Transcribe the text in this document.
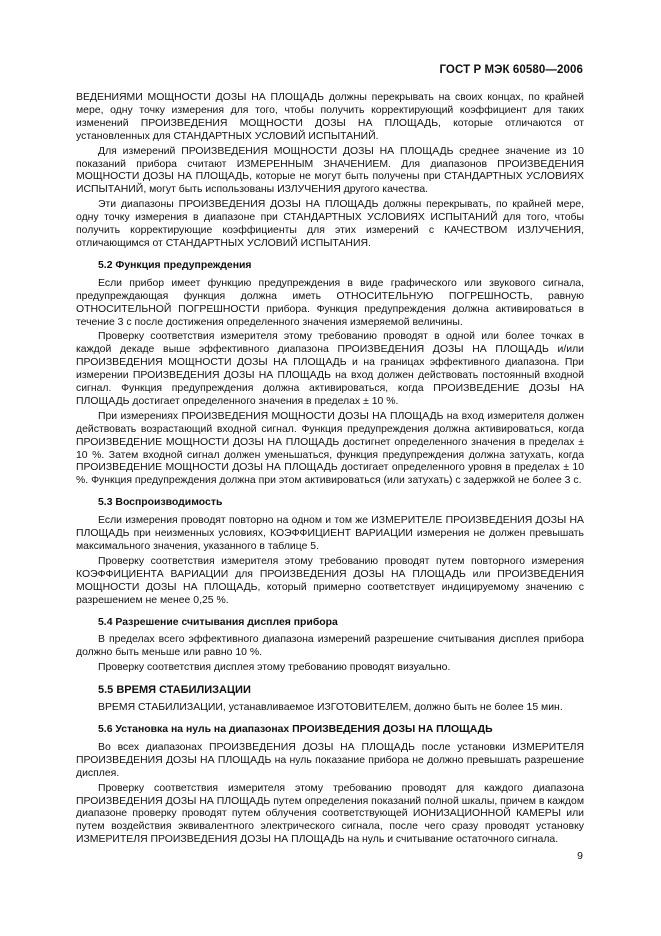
ГОСТ Р МЭК 60580—2006

ВЕДЕНИЯМИ МОЩНОСТИ ДОЗЫ НА ПЛОЩАДЬ должны перекрывать на своих концах, по крайней мере, одну точку измерения для того, чтобы получить корректирующий коэффициент для таких изменений ПРОИЗВЕДЕНИЯ МОЩНОСТИ ДОЗЫ НА ПЛОЩАДЬ, которые отличаются от установленных для СТАНДАРТНЫХ УСЛОВИЙ ИСПЫТАНИЙ.

Для измерений ПРОИЗВЕДЕНИЯ МОЩНОСТИ ДОЗЫ НА ПЛОЩАДЬ среднее значение из 10 показаний прибора считают ИЗМЕРЕННЫМ ЗНАЧЕНИЕМ. Для диапазонов ПРОИЗВЕДЕНИЯ МОЩНОСТИ ДОЗЫ НА ПЛОЩАДЬ, которые не могут быть получены при СТАНДАРТНЫХ УСЛОВИЯХ ИСПЫТАНИЙ, могут быть использованы ИЗЛУЧЕНИЯ другого качества.

Эти диапазоны ПРОИЗВЕДЕНИЯ ДОЗЫ НА ПЛОЩАДЬ должны перекрывать, по крайней мере, одну точку измерения в диапазоне при СТАНДАРТНЫХ УСЛОВИЯХ ИСПЫТАНИЙ для того, чтобы получить корректирующие коэффициенты для этих измерений с КАЧЕСТВОМ ИЗЛУЧЕНИЯ, отличающимся от СТАНДАРТНЫХ УСЛОВИЙ ИСПЫТАНИЯ.

5.2 Функция предупреждения

Если прибор имеет функцию предупреждения в виде графического или звукового сигнала, предупреждающая функция должна иметь ОТНОСИТЕЛЬНУЮ ПОГРЕШНОСТЬ, равную ОТНОСИТЕЛЬНОЙ ПОГРЕШНОСТИ прибора. Функция предупреждения должна активироваться в течение 3 с после достижения определенного значения измеряемой величины.

Проверку соответствия измерителя этому требованию проводят в одной или более точках в каждой декаде выше эффективного диапазона ПРОИЗВЕДЕНИЯ ДОЗЫ НА ПЛОЩАДЬ и/или ПРОИЗВЕДЕНИЯ МОЩНОСТИ ДОЗЫ НА ПЛОЩАДЬ и на границах эффективного диапазона. При измерении ПРОИЗВЕДЕНИЯ ДОЗЫ НА ПЛОЩАДЬ на вход должен действовать постоянный входной сигнал. Функция предупреждения должна активироваться, когда ПРОИЗВЕДЕНИЕ ДОЗЫ НА ПЛОЩАДЬ достигает определенного значения в пределах ± 10 %.

При измерениях ПРОИЗВЕДЕНИЯ МОЩНОСТИ ДОЗЫ НА ПЛОЩАДЬ на вход измерителя должен действовать возрастающий входной сигнал. Функция предупреждения должна активироваться, когда ПРОИЗВЕДЕНИЕ МОЩНОСТИ ДОЗЫ НА ПЛОЩАДЬ достигнет определенного значения в пределах ± 10 %. Затем входной сигнал должен уменьшаться, функция предупреждения должна затухать, когда ПРОИЗВЕДЕНИЕ МОЩНОСТИ ДОЗЫ НА ПЛОЩАДЬ достигает определенного уровня в пределах ± 10 %. Функция предупреждения должна при этом активироваться (или затухать) с задержкой не более 3 с.

5.3 Воспроизводимость

Если измерения проводят повторно на одном и том же ИЗМЕРИТЕЛЕ ПРОИЗВЕДЕНИЯ ДОЗЫ НА ПЛОЩАДЬ при неизменных условиях, КОЭФФИЦИЕНТ ВАРИАЦИИ измерения не должен превышать максимального значения, указанного в таблице 5.

Проверку соответствия измерителя этому требованию проводят путем повторного измерения КОЭФФИЦИЕНТА ВАРИАЦИИ для ПРОИЗВЕДЕНИЯ ДОЗЫ НА ПЛОЩАДЬ или ПРОИЗВЕДЕНИЯ МОЩНОСТИ ДОЗЫ НА ПЛОЩАДЬ, который примерно соответствует индицируемому значению с разрешением не менее 0,25 %.

5.4 Разрешение считывания дисплея прибора

В пределах всего эффективного диапазона измерений разрешение считывания дисплея прибора должно быть меньше или равно 10 %.

Проверку соответствия дисплея этому требованию проводят визуально.

5.5 ВРЕМЯ СТАБИЛИЗАЦИИ

ВРЕМЯ СТАБИЛИЗАЦИИ, устанавливаемое ИЗГОТОВИТЕЛЕМ, должно быть не более 15 мин.

5.6 Установка на нуль на диапазонах ПРОИЗВЕДЕНИЯ ДОЗЫ НА ПЛОЩАДЬ

Во всех диапазонах ПРОИЗВЕДЕНИЯ ДОЗЫ НА ПЛОЩАДЬ после установки ИЗМЕРИТЕЛЯ ПРОИЗВЕДЕНИЯ ДОЗЫ НА ПЛОЩАДЬ на нуль показание прибора не должно превышать разрешение дисплея.

Проверку соответствия измерителя этому требованию проводят для каждого диапазона ПРОИЗВЕДЕНИЯ ДОЗЫ НА ПЛОЩАДЬ путем определения показаний полной шкалы, причем в каждом диапазоне проверку проводят путем облучения соответствующей ИОНИЗАЦИОННОЙ КАМЕРЫ или путем воздействия эквивалентного электрического сигнала, после чего сразу проводят установку ИЗМЕРИТЕЛЯ ПРОИЗВЕДЕНИЯ ДОЗЫ НА ПЛОЩАДЬ на нуль и считывание остаточного сигнала.

9
